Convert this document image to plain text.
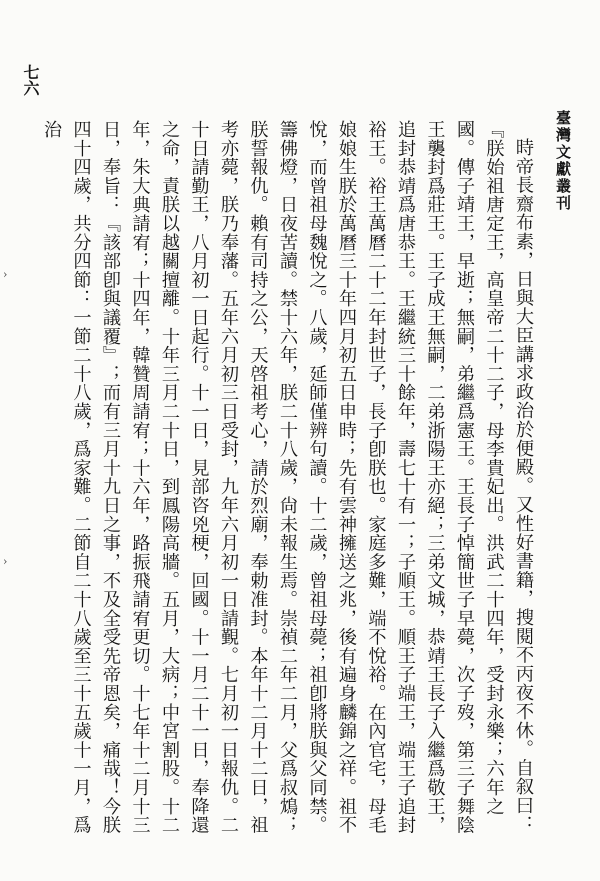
臺灣文獻叢刊
七六

時帝長齋布素，日與大臣講求政治於便殿。又性好書籍，搜閱不丙夜不休。自叙曰：『朕始祖唐定王，高皇帝二十二子，母李貴妃出。洪武二十四年，受封永樂；六年之國。傳子靖王，早逝；無嗣，弟繼爲憲王。王長子悼簡世子早薨，次子歿，第三子舞陰王襲封爲莊王。王子成王無嗣，二弟浙陽王亦絕；三弟文城，恭靖王長子入繼爲敬王，追封恭靖爲唐恭王。王繼統三十餘年，壽七十有一；子順王。順王子端王，端王子追封裕王。裕王萬曆二十二年封世子，長子卽朕也。家庭多難，端不悅裕。在內官宅，母毛娘娘生朕於萬曆三十年四月初五日申時；先有雲神擁送之兆，後有遍身麟錦之祥。祖不悅，而曾祖母魏悅之。八歲，延師僅辨句讀。十二歲，曾祖母薨；祖卽將朕與父同禁。籌佛燈，日夜苦讀。禁十六年，朕二十八歲，尙未報生焉。崇禎二年二月，父爲叔鴆；朕誓報仇。賴有司持之公，天啓祖考心，請於烈廟，奉勅准封。本年十二月十二日，祖考亦薨，朕乃奉藩。五年六月初三日受封，九年六月初一日請覲。七月初一日報仇。二十日請勤王，八月初一日起行。十一日，見部咨兇梗，回國。十一月二十一日，奉降還之命，責朕以越關擅離。十年三月二十日，到鳳陽高牆。五月，大病；中宮割股。十二年，朱大典請宥；十四年，韓贊周請宥；十六年，路振飛請宥更切。十七年十二月十三日，奉旨：『該部卽與議覆』；而有三月十九日之事，不及全受先帝恩矣，痛哉！今朕四十四歲，共分四節：一節二十八歲，爲家難。二節自二十八歲至三十五歲十一月，爲治

›
›
